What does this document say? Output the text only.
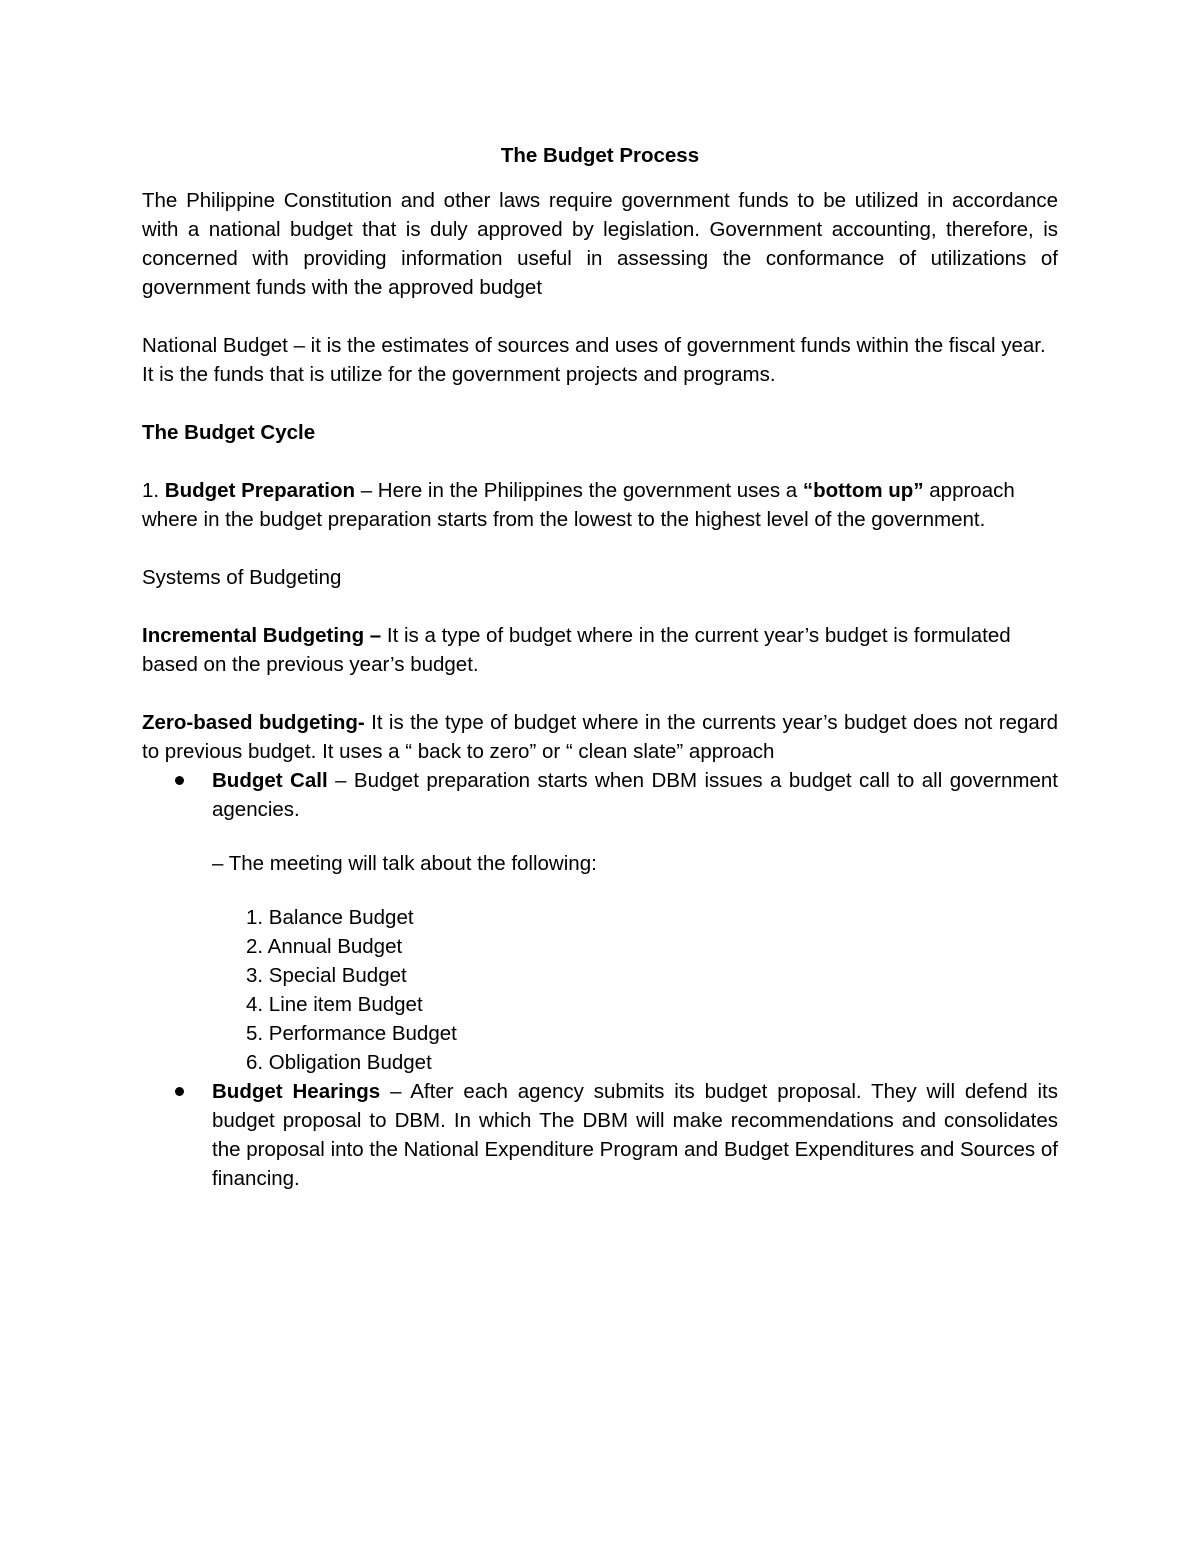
The Budget Process

The Philippine Constitution and other laws require government funds to be utilized in accordance with a national budget that is duly approved by legislation. Government accounting, therefore, is concerned with providing information useful in assessing the conformance of utilizations of government funds with the approved budget

National Budget – it is the estimates of sources and uses of government funds within the fiscal year. It is the funds that is utilize for the government projects and programs.

The Budget Cycle

1. Budget Preparation – Here in the Philippines the government uses a “bottom up” approach where in the budget preparation starts from the lowest to the highest level of the government.

Systems of Budgeting

Incremental Budgeting – It is a type of budget where in the current year’s budget is formulated based on the previous year’s budget.

Zero-based budgeting- It is the type of budget where in the currents year’s budget does not regard to previous budget. It uses a “ back to zero” or “ clean slate” approach

Budget Call – Budget preparation starts when DBM issues a budget call to all government agencies.

– The meeting will talk about the following:

1. Balance Budget
2. Annual Budget
3. Special Budget
4. Line item Budget
5. Performance Budget
6. Obligation Budget

Budget Hearings – After each agency submits its budget proposal. They will defend its budget proposal to DBM. In which The DBM will make recommendations and consolidates the proposal into the National Expenditure Program and Budget Expenditures and Sources of financing.
